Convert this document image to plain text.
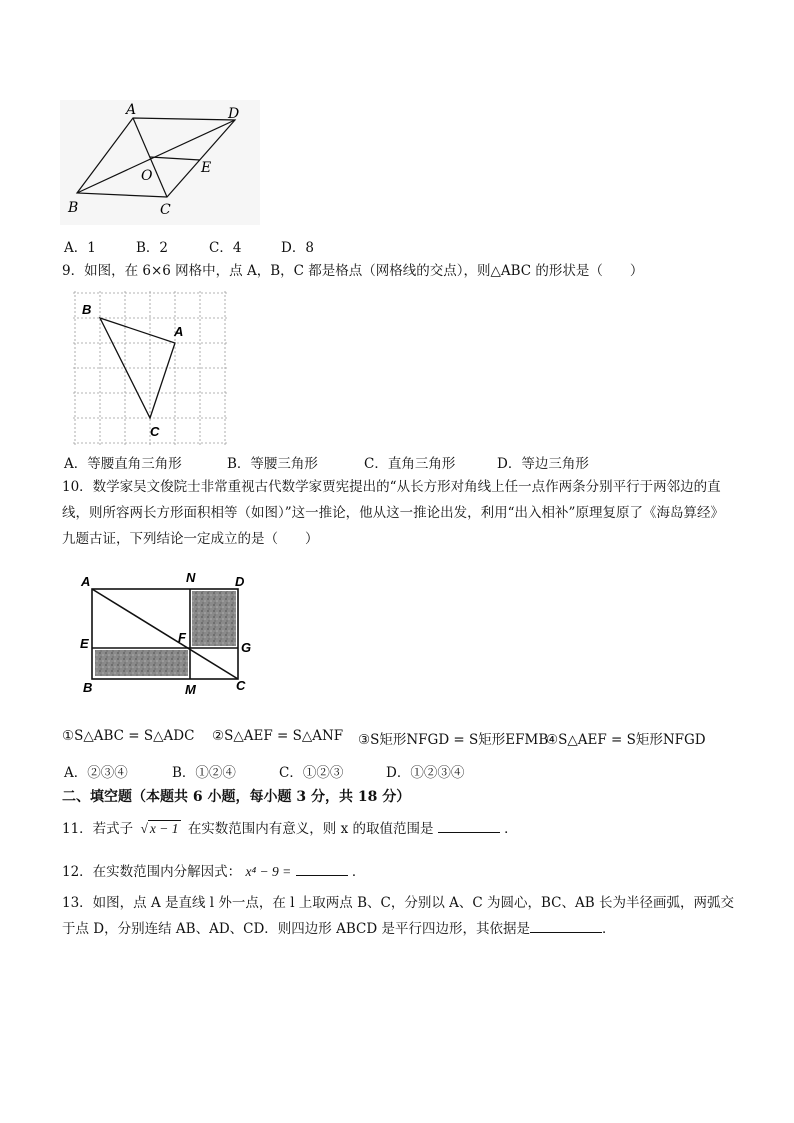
A	D
O	E
B	C
A．1	B．2	C．4	D．8
9．如图，在 6×6 网格中，点 A，B，C 都是格点（网格线的交点），则△ABC 的形状是（　　）
B
A
C
A．等腰直角三角形	B．等腰三角形	C．直角三角形	D．等边三角形
10．数学家吴文俊院士非常重视古代数学家贾宪提出的“从长方形对角线上任一点作两条分别平行于两邻边的直线，则所容两长方形面积相等（如图）”这一推论，他从这一推论出发，利用“出入相补”原理复原了《海岛算经》九题古证，下列结论一定成立的是（　　）
A	N	D
E	F
G
B	M	C
①S△ABC = S△ADC ②S△AEF = S△ANF ③S矩形NFGD = S矩形EFMB
④S△AEF = S矩形NFGD
A．②③④	B．①②④	C．①②③	D．①②③④
二、填空题（本题共 6 小题，每小题 3 分，共 18 分）
11．若式子 √ x − 1 在实数范围内有意义，则 x 的取值范围是	．
12．在实数范围内分解因式： x⁴ − 9 =	．
13．如图，点 A 是直线 l 外一点，在 l 上取两点 B、C，分别以 A、C 为圆心，BC、AB 长为半径画弧，两弧交于点 D，分别连结 AB、AD、CD．则四边形 ABCD 是平行四边形，其依据是	．
